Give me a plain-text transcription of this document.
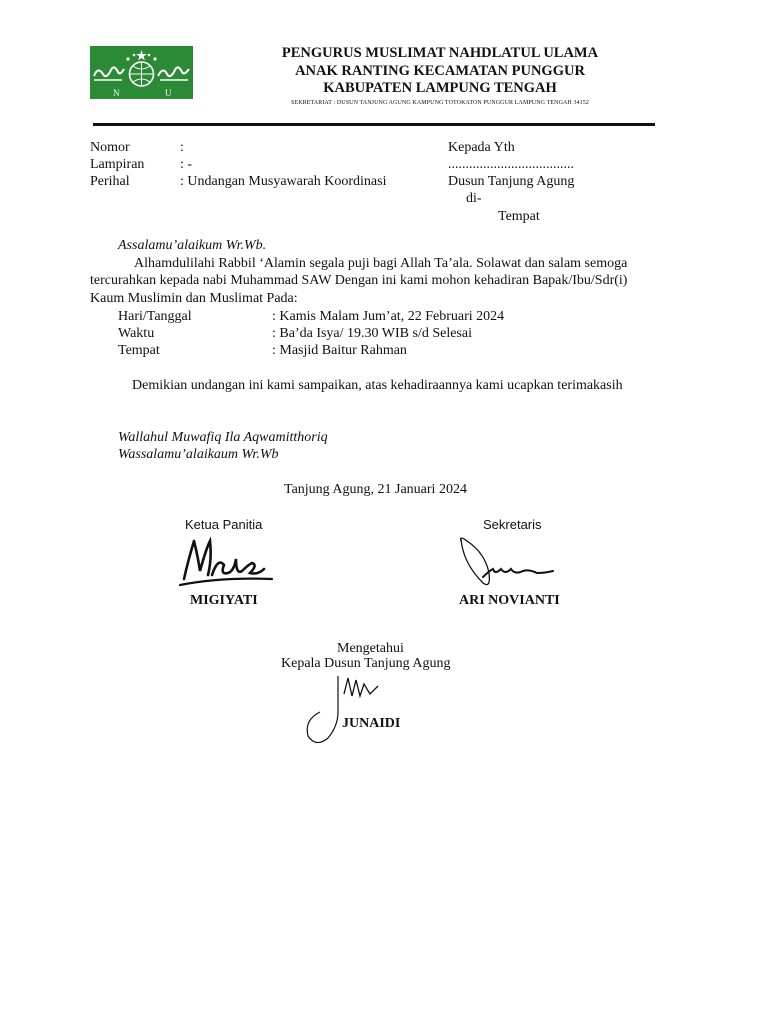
N	U
PENGURUS MUSLIMAT NAHDLATUL ULAMA
ANAK RANTING KECAMATAN PUNGGUR
KABUPATEN LAMPUNG TENGAH
SEKRETARIAT : DUSUN TANJUNG AGUNG KAMPUNG TOTOKATON PUNGGUR LAMPUNG TENGAH 34152
Nomor	:
Lampiran	: -
Perihal	: Undangan Musyawarah Koordinasi
Kepada Yth
....................................
Dusun Tanjung Agung
di-
Tempat
Assalamu’alaikum Wr.Wb.
Alhamdulilahi Rabbil ‘Alamin segala puji bagi Allah Ta’ala. Solawat dan salam semoga
tercurahkan kepada nabi Muhammad SAW Dengan ini kami mohon kehadiran Bapak/Ibu/Sdr(i)
Kaum Muslimin dan Muslimat Pada:
Hari/Tanggal	: Kamis Malam Jum’at, 22 Februari 2024
Waktu	: Ba’da Isya/ 19.30 WIB s/d Selesai
Tempat	: Masjid Baitur Rahman
Demikian undangan ini kami sampaikan, atas kehadiraannya kami ucapkan terimakasih
Wallahul Muwafiq Ila Aqwamitthoriq
Wassalamu’alaikaum Wr.Wb
Tanjung Agung, 21 Januari 2024
Ketua Panitia	Sekretaris
MIGIYATI	ARI NOVIANTI
Mengetahui
Kepala Dusun Tanjung Agung
JUNAIDI
